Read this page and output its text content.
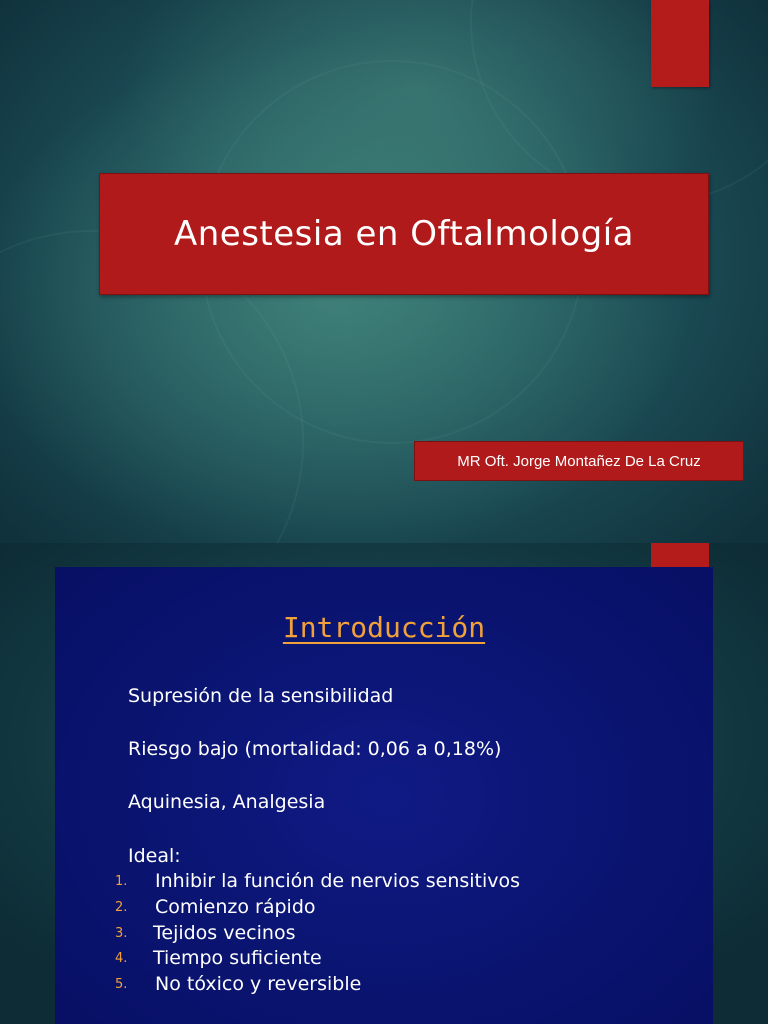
Anestesia en Oftalmología
MR Oft. Jorge Montañez De La Cruz
Introducción
Supresión de la sensibilidad
Riesgo bajo (mortalidad: 0,06 a 0,18%)
Aquinesia, Analgesia
Ideal:
1.	Inhibir la función de nervios sensitivos
2.	Comienzo rápido
3.	Tejidos vecinos
4.	Tiempo suficiente
5.	No tóxico y reversible
